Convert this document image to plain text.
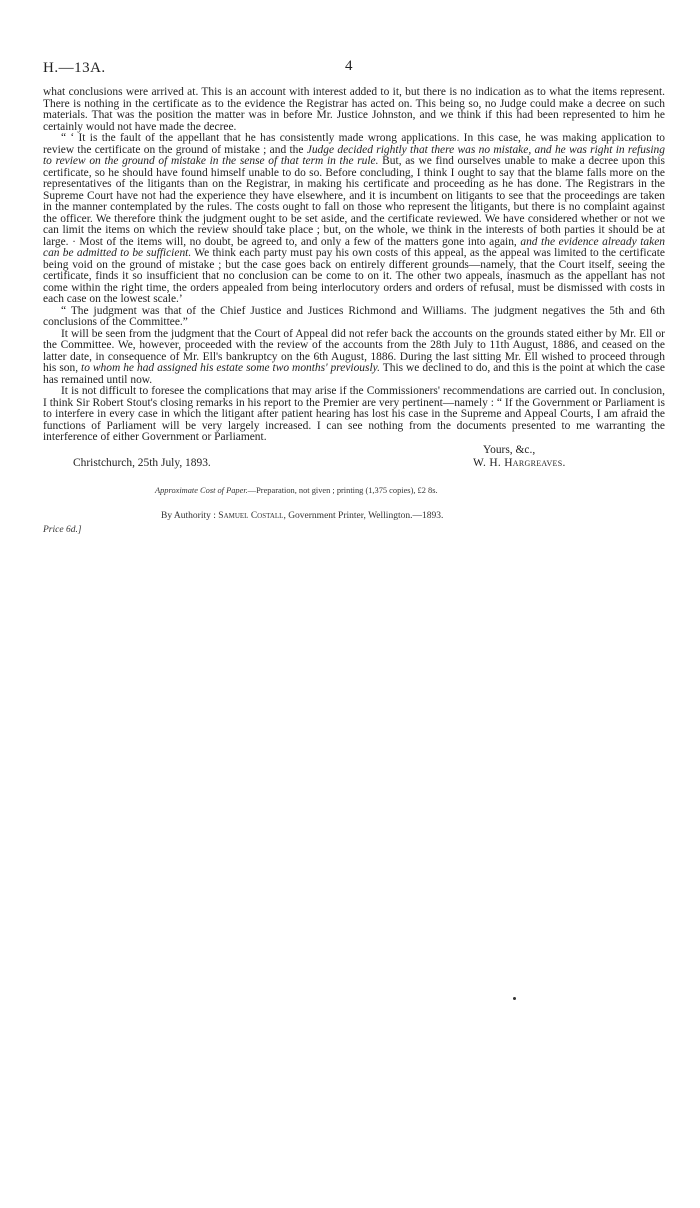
H.—13A.	4

what conclusions were arrived at. This is an account with interest added to it, but there is no indication as to what the items represent. There is nothing in the certificate as to the evidence the Registrar has acted on. This being so, no Judge could make a decree on such materials. That was the position the matter was in before Mr. Justice Johnston, and we think if this had been represented to him he certainly would not have made the decree.

“ ‘ It is the fault of the appellant that he has consistently made wrong applications. In this case, he was making application to review the certificate on the ground of mistake ; and the Judge decided rightly that there was no mistake, and he was right in refusing to review on the ground of mistake in the sense of that term in the rule. But, as we find ourselves unable to make a decree upon this certificate, so he should have found himself unable to do so. Before concluding, I think I ought to say that the blame falls more on the representatives of the litigants than on the Registrar, in making his certificate and proceeding as he has done. The Registrars in the Supreme Court have not had the experience they have elsewhere, and it is incumbent on litigants to see that the proceedings are taken in the manner contemplated by the rules. The costs ought to fall on those who represent the litigants, but there is no complaint against the officer. We therefore think the judgment ought to be set aside, and the certificate reviewed. We have considered whether or not we can limit the items on which the review should take place ; but, on the whole, we think in the interests of both parties it should be at large. · Most of the items will, no doubt, be agreed to, and only a few of the matters gone into again, and the evidence already taken can be admitted to be sufficient. We think each party must pay his own costs of this appeal, as the appeal was limited to the certificate being void on the ground of mistake ; but the case goes back on entirely different grounds—namely, that the Court itself, seeing the certificate, finds it so insufficient that no conclusion can be come to on it. The other two appeals, inasmuch as the appellant has not come within the right time, the orders appealed from being interlocutory orders and orders of refusal, must be dismissed with costs in each case on the lowest scale.’

“ The judgment was that of the Chief Justice and Justices Richmond and Williams. The judgment negatives the 5th and 6th conclusions of the Committee.”

It will be seen from the judgment that the Court of Appeal did not refer back the accounts on the grounds stated either by Mr. Ell or the Committee. We, however, proceeded with the review of the accounts from the 28th July to 11th August, 1886, and ceased on the latter date, in consequence of Mr. Ell's bankruptcy on the 6th August, 1886. During the last sitting Mr. Ell wished to proceed through his son, to whom he had assigned his estate some two months' previously. This we declined to do, and this is the point at which the case has remained until now.

It is not difficult to foresee the complications that may arise if the Commissioners' recommendations are carried out. In conclusion, I think Sir Robert Stout's closing remarks in his report to the Premier are very pertinent—namely : “ If the Government or Parliament is to interfere in every case in which the litigant after patient hearing has lost his case in the Supreme and Appeal Courts, I am afraid the functions of Parliament will be very largely increased. I can see nothing from the documents presented to me warranting the interference of either Government or Parliament.

Yours, &c.,
Christchurch, 25th July, 1893.	W. H. Hargreaves.
Approximate Cost of Paper.—Preparation, not given ; printing (1,375 copies), £2 8s.
By Authority : Samuel Costall, Government Printer, Wellington.—1893.
Price 6d.]
